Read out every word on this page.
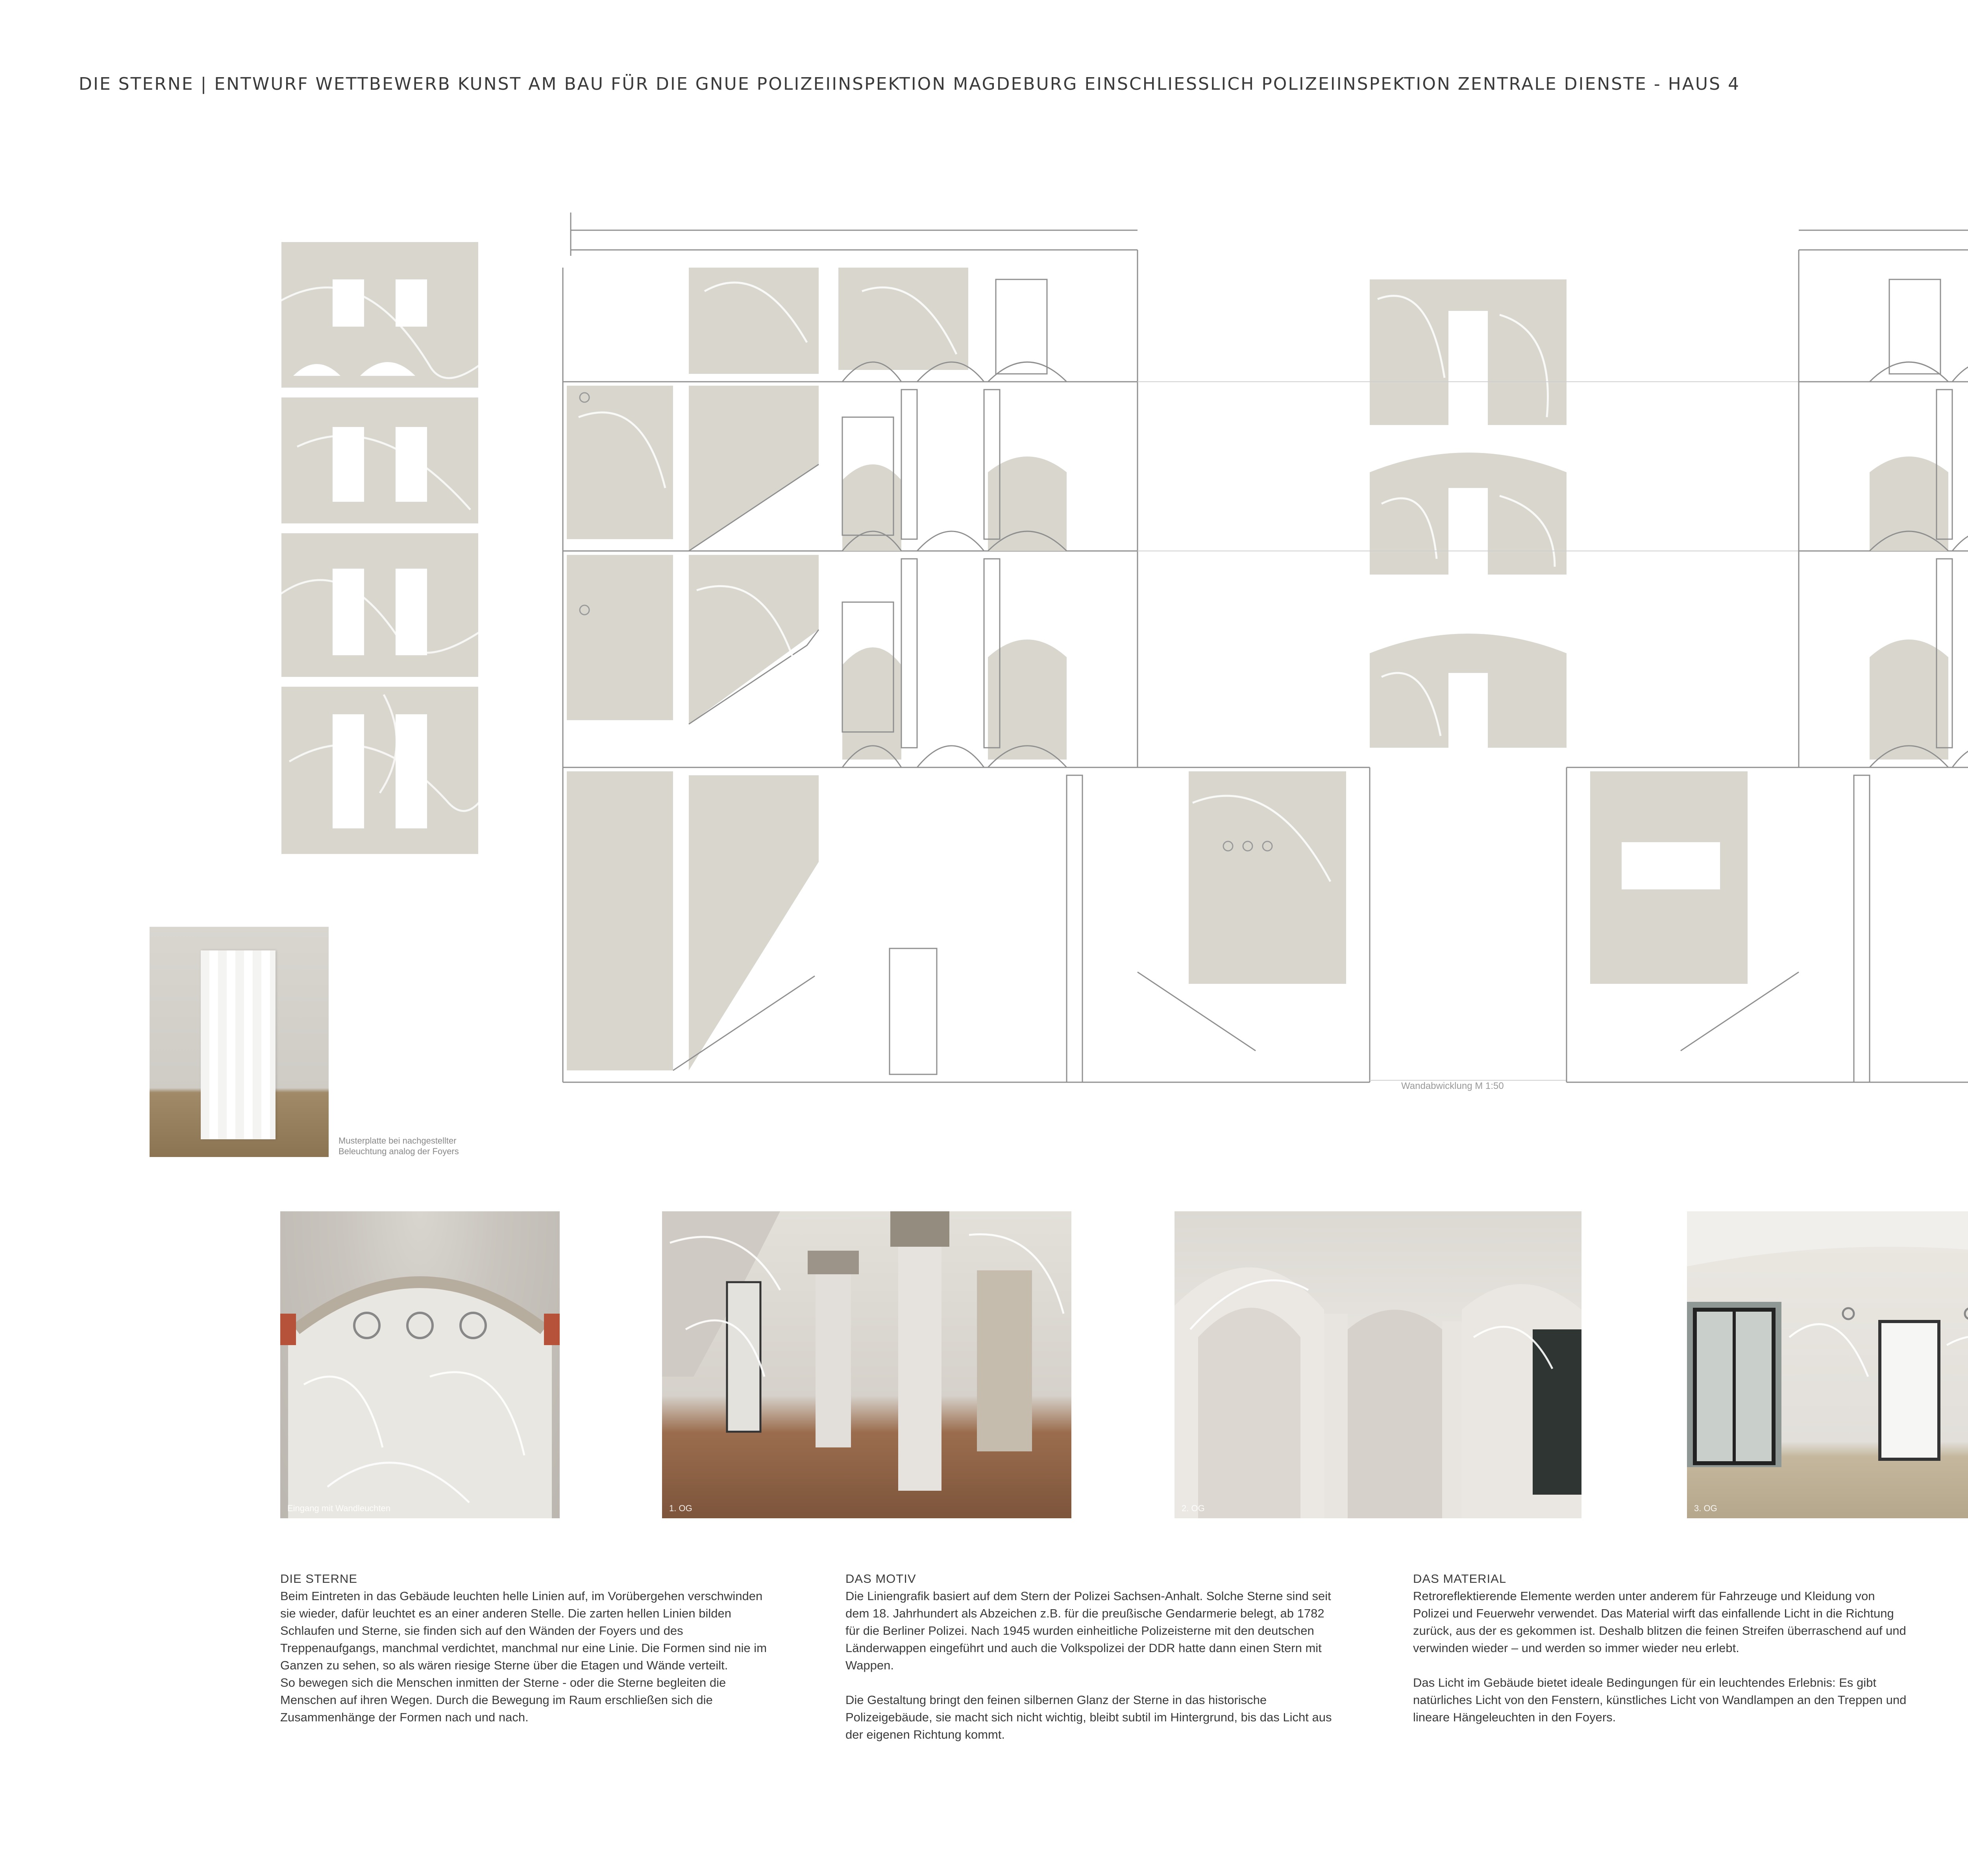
DIE STERNE | ENTWURF WETTBEWERB KUNST AM BAU FÜR DIE GNUE POLIZEIINSPEKTION MAGDEBURG EINSCHLIESSLICH POLIZEIINSPEKTION ZENTRALE DIENSTE - HAUS 4
Wandabwicklung M 1:50
Musterplatte bei nachgestellter Beleuchtung analog der Foyers
Eingang mit Wandleuchten	1. OG	2. OG	3. OG
DIE STERNE

Beim Eintreten in das Gebäude leuchten helle Linien auf, im Vorübergehen verschwinden sie wieder, dafür leuchtet es an einer anderen Stelle. Die zarten hellen Linien bilden Schlaufen und Sterne, sie finden sich auf den Wänden der Foyers und des Treppenaufgangs, manchmal verdichtet, manchmal nur eine Linie. Die Formen sind nie im Ganzen zu sehen, so als wären riesige Sterne über die Etagen und Wände verteilt.

So bewegen sich die Menschen inmitten der Sterne - oder die Sterne begleiten die Menschen auf ihren Wegen. Durch die Bewegung im Raum erschließen sich die Zusammenhänge der Formen nach und nach.

DAS MOTIV

Die Liniengrafik basiert auf dem Stern der Polizei Sachsen-Anhalt. Solche Sterne sind seit dem 18. Jahrhundert als Abzeichen z.B. für die preußische Gendarmerie belegt, ab 1782 für die Berliner Polizei. Nach 1945 wurden einheitliche Polizeisterne mit den deutschen Länderwappen eingeführt und auch die Volkspolizei der DDR hatte dann einen Stern mit Wappen.

Die Gestaltung bringt den feinen silbernen Glanz der Sterne in das historische Polizeigebäude, sie macht sich nicht wichtig, bleibt subtil im Hintergrund, bis das Licht aus der eigenen Richtung kommt.

DAS MATERIAL

Retroreflektierende Elemente werden unter anderem für Fahrzeuge und Kleidung von Polizei und Feuerwehr verwendet. Das Material wirft das einfallende Licht in die Richtung zurück, aus der es gekommen ist. Deshalb blitzen die feinen Streifen überraschend auf und verwinden wieder – und werden so immer wieder neu erlebt.

Das Licht im Gebäude bietet ideale Bedingungen für ein leuchtendes Erlebnis: Es gibt natürliches Licht von den Fenstern, künstliches Licht von Wandlampen an den Treppen und lineare Hängeleuchten in den Foyers.
